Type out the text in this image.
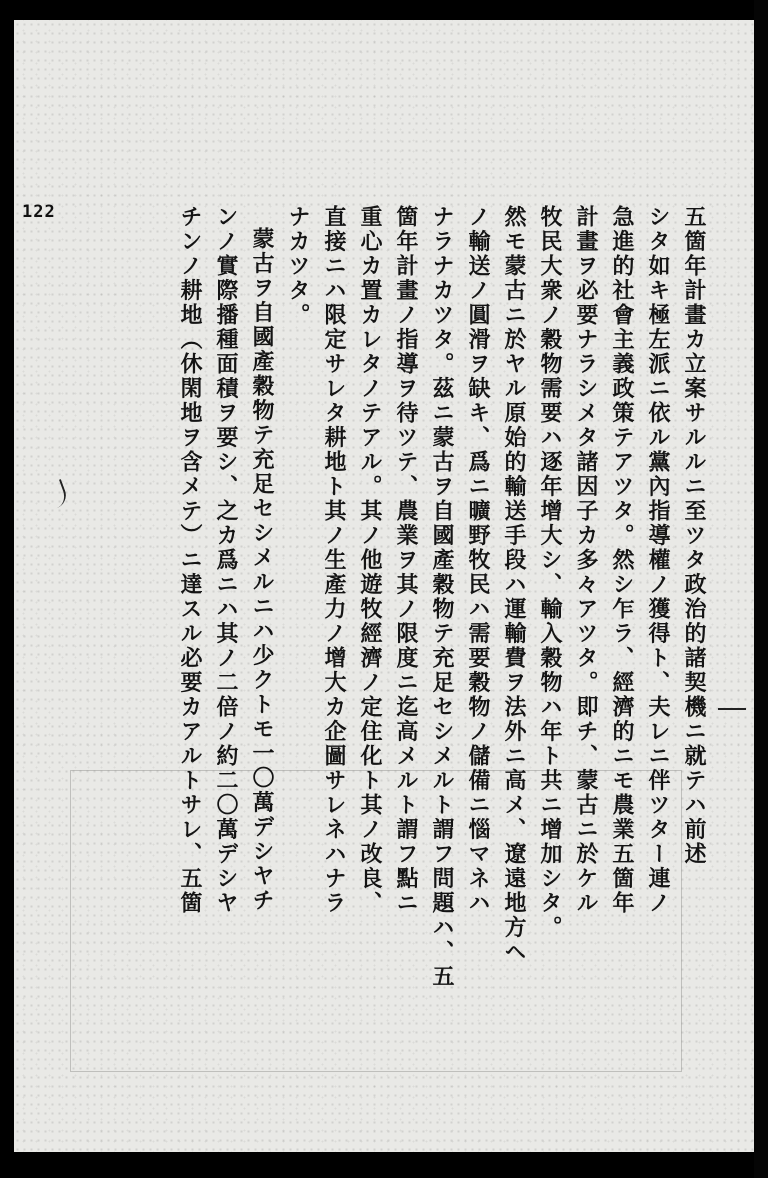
122	五箇年計畫カ立案サルルニ至ツタ政治的諸契機ニ就テハ前述
シタ如キ極左派ニ依ル黨內指導權ノ獲得ト、夫レニ伴ツター連ノ
急進的社會主義政策テアツタ。然シ乍ラ、經濟的ニモ農業五箇年
計畫ヲ必要ナラシメタ諸因子カ多々アツタ。即チ、蒙古ニ於ケル
牧民大衆ノ穀物需要ハ逐年增大シ、輸入穀物ハ年ト共ニ增加シタ。
然モ蒙古ニ於ヤル原始的輸送手段ハ運輸費ヲ法外ニ高メ、遼遠地方ヘ
ノ輸送ノ圓滑ヲ缺キ、爲ニ曠野牧民ハ需要穀物ノ儲備ニ惱マネハ
ナラナカツタ。茲ニ蒙古ヲ自國產穀物テ充足セシメルト謂フ問題ハ、五
箇年計畫ノ指導ヲ待ツテ、農業ヲ其ノ限度ニ迄高メルト謂フ點ニ
重心カ置カレタノテアル。其ノ他遊牧經濟ノ定住化ト其ノ改良、
直接ニハ限定サレタ耕地ト其ノ生產力ノ增大カ企圖サレネハナラ
ナカツタ。
蒙古ヲ自國產穀物テ充足セシメルニハ少クトモ一〇萬デシヤチ
ンノ實際播種面積ヲ要シ、之カ爲ニハ其ノ二倍ノ約二〇萬デシヤ
チンノ耕地（休閑地ヲ含メテ）ニ達スル必要カアルトサレ、五箇
